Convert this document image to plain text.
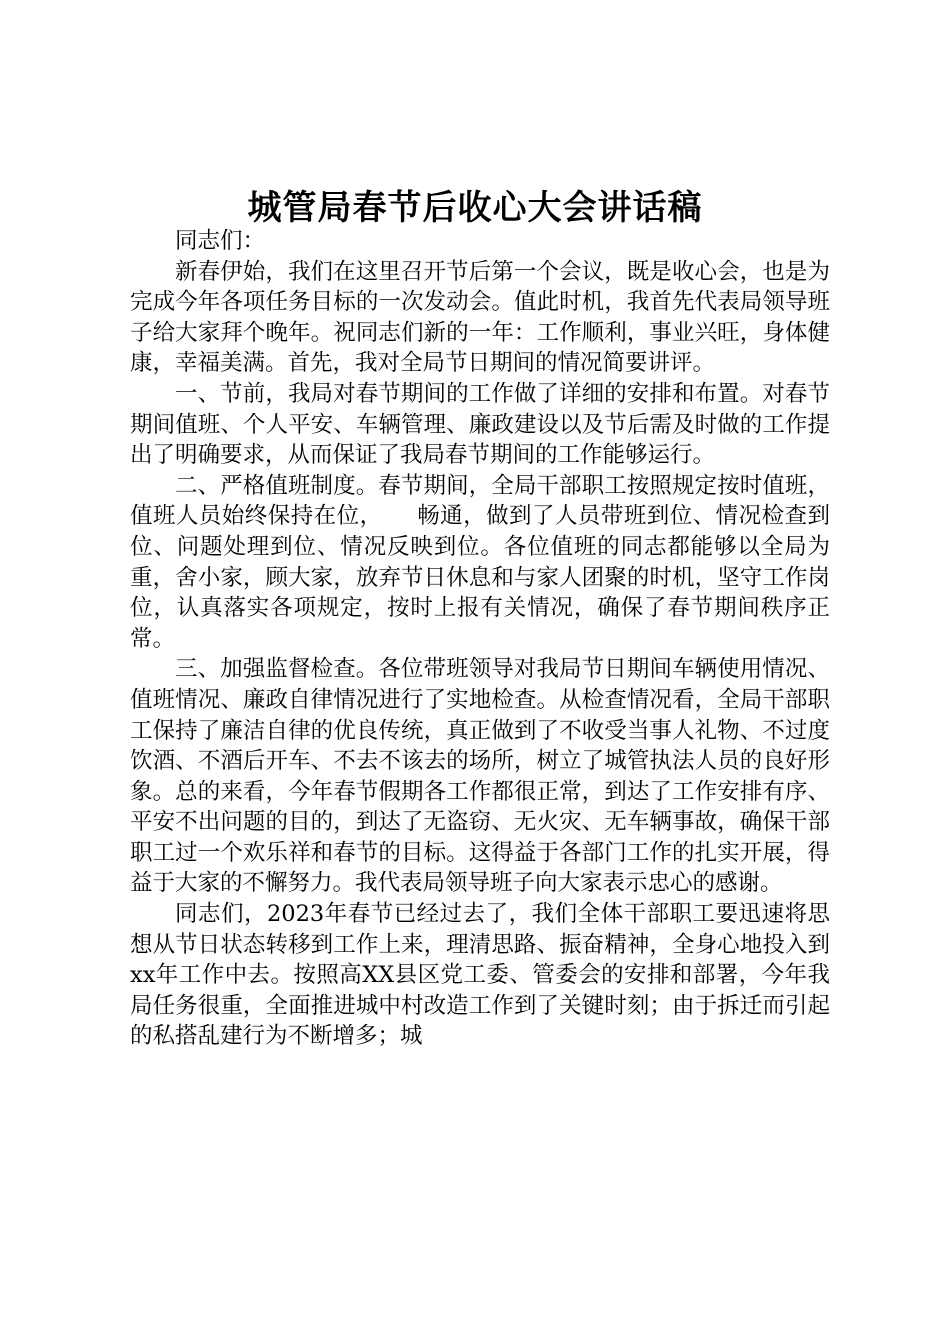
城管局春节后收心大会讲话稿

同志们：

新春伊始，我们在这里召开节后第一个会议，既是收心会，也是为完成今年各项任务目标的一次发动会。值此时机，我首先代表局领导班子给大家拜个晚年。祝同志们新的一年：工作顺利，事业兴旺，身体健康，幸福美满。首先，我对全局节日期间的情况简要讲评。

一、节前，我局对春节期间的工作做了详细的安排和布置。对春节期间值班、个人平安、车辆管理、廉政建设以及节后需及时做的工作提出了明确要求，从而保证了我局春节期间的工作能够运行。

二、严格值班制度。春节期间，全局干部职工按照规定按时值班，值班人员始终保持在位，　　畅通，做到了人员带班到位、情况检查到位、问题处理到位、情况反映到位。各位值班的同志都能够以全局为重，舍小家，顾大家，放弃节日休息和与家人团聚的时机，坚守工作岗位，认真落实各项规定，按时上报有关情况，确保了春节期间秩序正常。

三、加强监督检查。各位带班领导对我局节日期间车辆使用情况、值班情况、廉政自律情况进行了实地检查。从检查情况看，全局干部职工保持了廉洁自律的优良传统，真正做到了不收受当事人礼物、不过度饮酒、不酒后开车、不去不该去的场所，树立了城管执法人员的良好形象。总的来看，今年春节假期各工作都很正常，到达了工作安排有序、平安不出问题的目的，到达了无盗窃、无火灾、无车辆事故，确保干部职工过一个欢乐祥和春节的目标。这得益于各部门工作的扎实开展，得益于大家的不懈努力。我代表局领导班子向大家表示忠心的感谢。

同志们，2023年春节已经过去了，我们全体干部职工要迅速将思想从节日状态转移到工作上来，理清思路、振奋精神，全身心地投入到xx年工作中去。按照高XX县区党工委、管委会的安排和部署，今年我局任务很重，全面推进城中村改造工作到了关键时刻；由于拆迁而引起的私搭乱建行为不断增多；城
